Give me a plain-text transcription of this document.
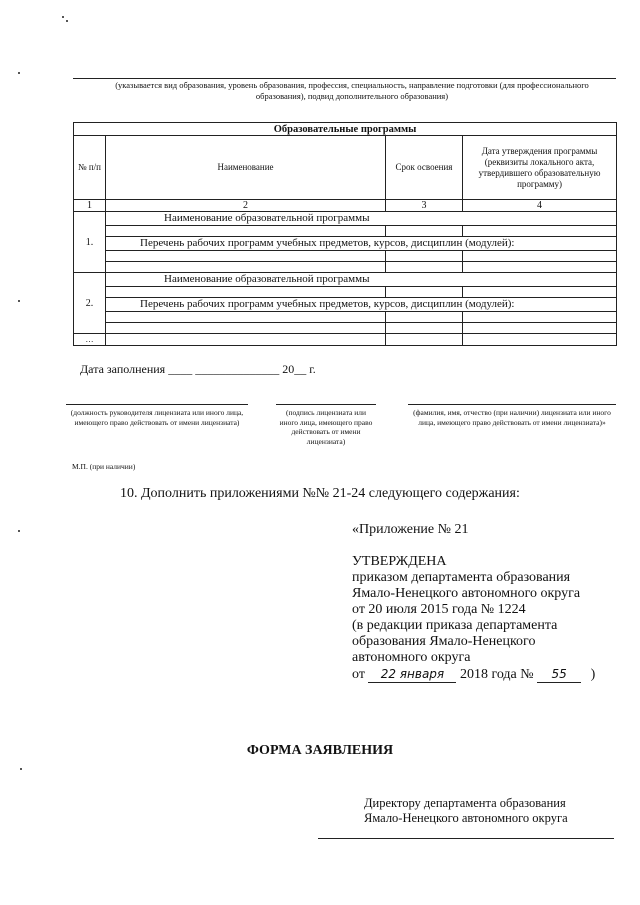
(указывается вид образования, уровень образования, профессия, специальность, направление подготовки (для профессионального образования), подвид дополнительного образования)
Образовательные программы			
№ п/п	Наименование	Срок освоения	Дата утверждения программы (реквизиты локального акта, утвердившего образовательную программу)
1	2	3	4
1.	Наименование образовательной программы		

	Перечень рабочих программ учебных предметов, курсов, дисциплин (модулей):		

2.	Наименование образовательной программы		

	Перечень рабочих программ учебных предметов, курсов, дисциплин (модулей):		

…			
Дата заполнения ____ ______________ 20__ г.
(должность руководителя лицензиата или иного лица, имеющего право действовать от имени лицензиата)
(подпись лицензиата или иного лица, имеющего право действовать от имени лицензиата)
(фамилия, имя, отчество (при наличии) лицензиата или иного лица, имеющего право действовать от имени лицензиата)»
М.П. (при наличии)
10. Дополнить приложениями №№ 21-24 следующего содержания:
«Приложение № 21
УТВЕРЖДЕНА
приказом департамента образования
Ямало-Ненецкого автономного округа
от 20 июля 2015 года № 1224
(в редакции приказа департамента
образования Ямало-Ненецкого
автономного округа
от 22 января 2018 года № 55 )
ФОРМА ЗАЯВЛЕНИЯ
Директору департамента образования
Ямало-Ненецкого автономного округа
